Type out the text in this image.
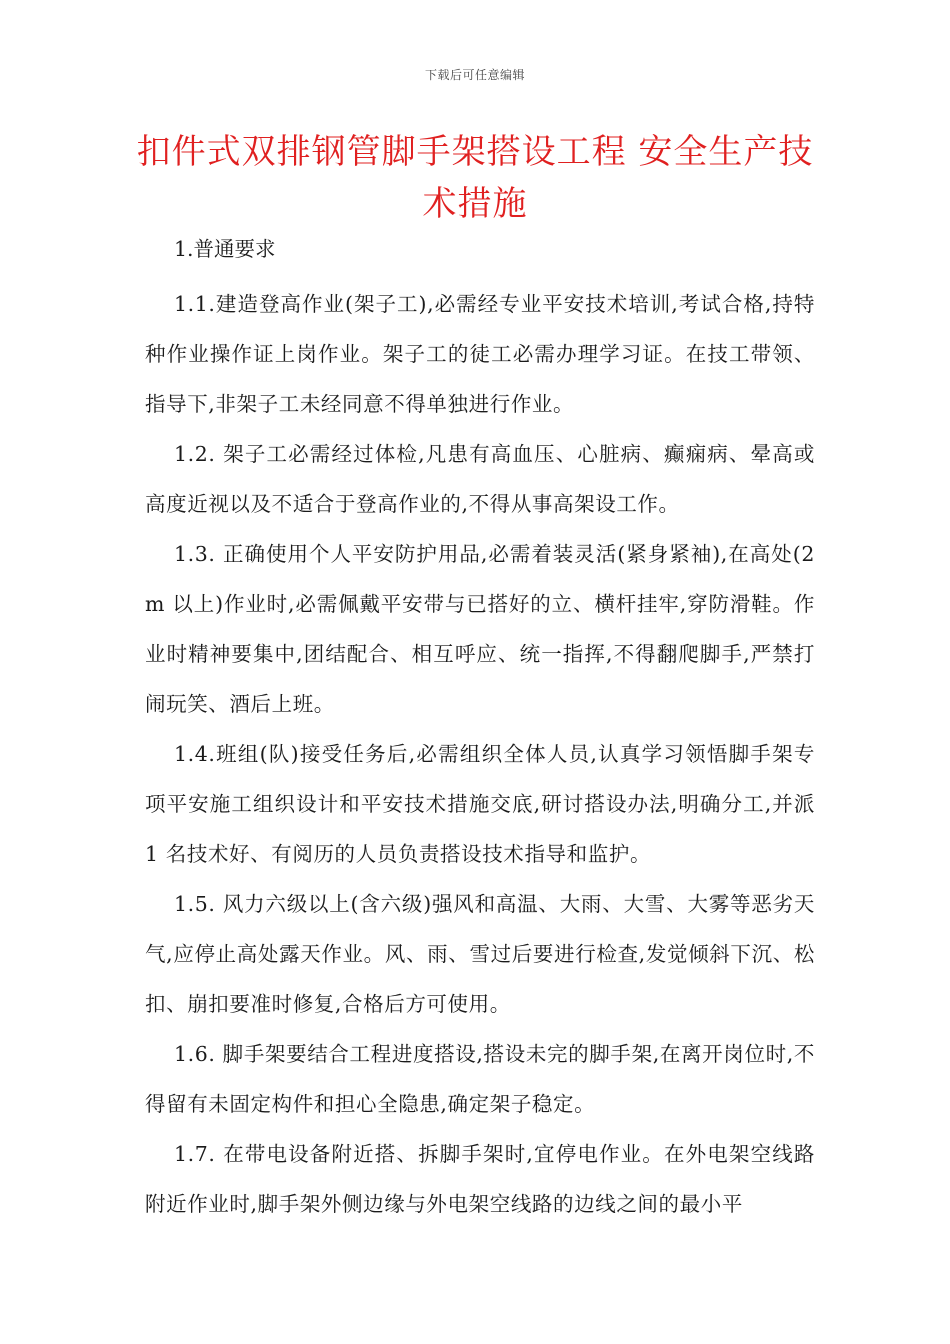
下载后可任意编辑
扣件式双排钢管脚手架搭设工程 安全生产技术措施
1.普通要求

1.1.建造登高作业(架子工),必需经专业平安技术培训,考试合格,持特种作业操作证上岗作业。架子工的徒工必需办理学习证。在技工带领、指导下,非架子工未经同意不得单独进行作业。

1.2. 架子工必需经过体检,凡患有高血压、心脏病、癫痫病、晕高或高度近视以及不适合于登高作业的,不得从事高架设工作。

1.3. 正确使用个人平安防护用品,必需着装灵活(紧身紧袖),在高处(2m 以上)作业时,必需佩戴平安带与已搭好的立、横杆挂牢,穿防滑鞋。作业时精神要集中,团结配合、相互呼应、统一指挥,不得翻爬脚手,严禁打闹玩笑、酒后上班。

1.4.班组(队)接受任务后,必需组织全体人员,认真学习领悟脚手架专项平安施工组织设计和平安技术措施交底,研讨搭设办法,明确分工,并派 1 名技术好、有阅历的人员负责搭设技术指导和监护。

1.5. 风力六级以上(含六级)强风和高温、大雨、大雪、大雾等恶劣天气,应停止高处露天作业。风、雨、雪过后要进行检查,发觉倾斜下沉、松扣、崩扣要准时修复,合格后方可使用。

1.6. 脚手架要结合工程进度搭设,搭设未完的脚手架,在离开岗位时,不得留有未固定构件和担心全隐患,确定架子稳定。

1.7. 在带电设备附近搭、拆脚手架时,宜停电作业。在外电架空线路附近作业时,脚手架外侧边缘与外电架空线路的边线之间的最小平
